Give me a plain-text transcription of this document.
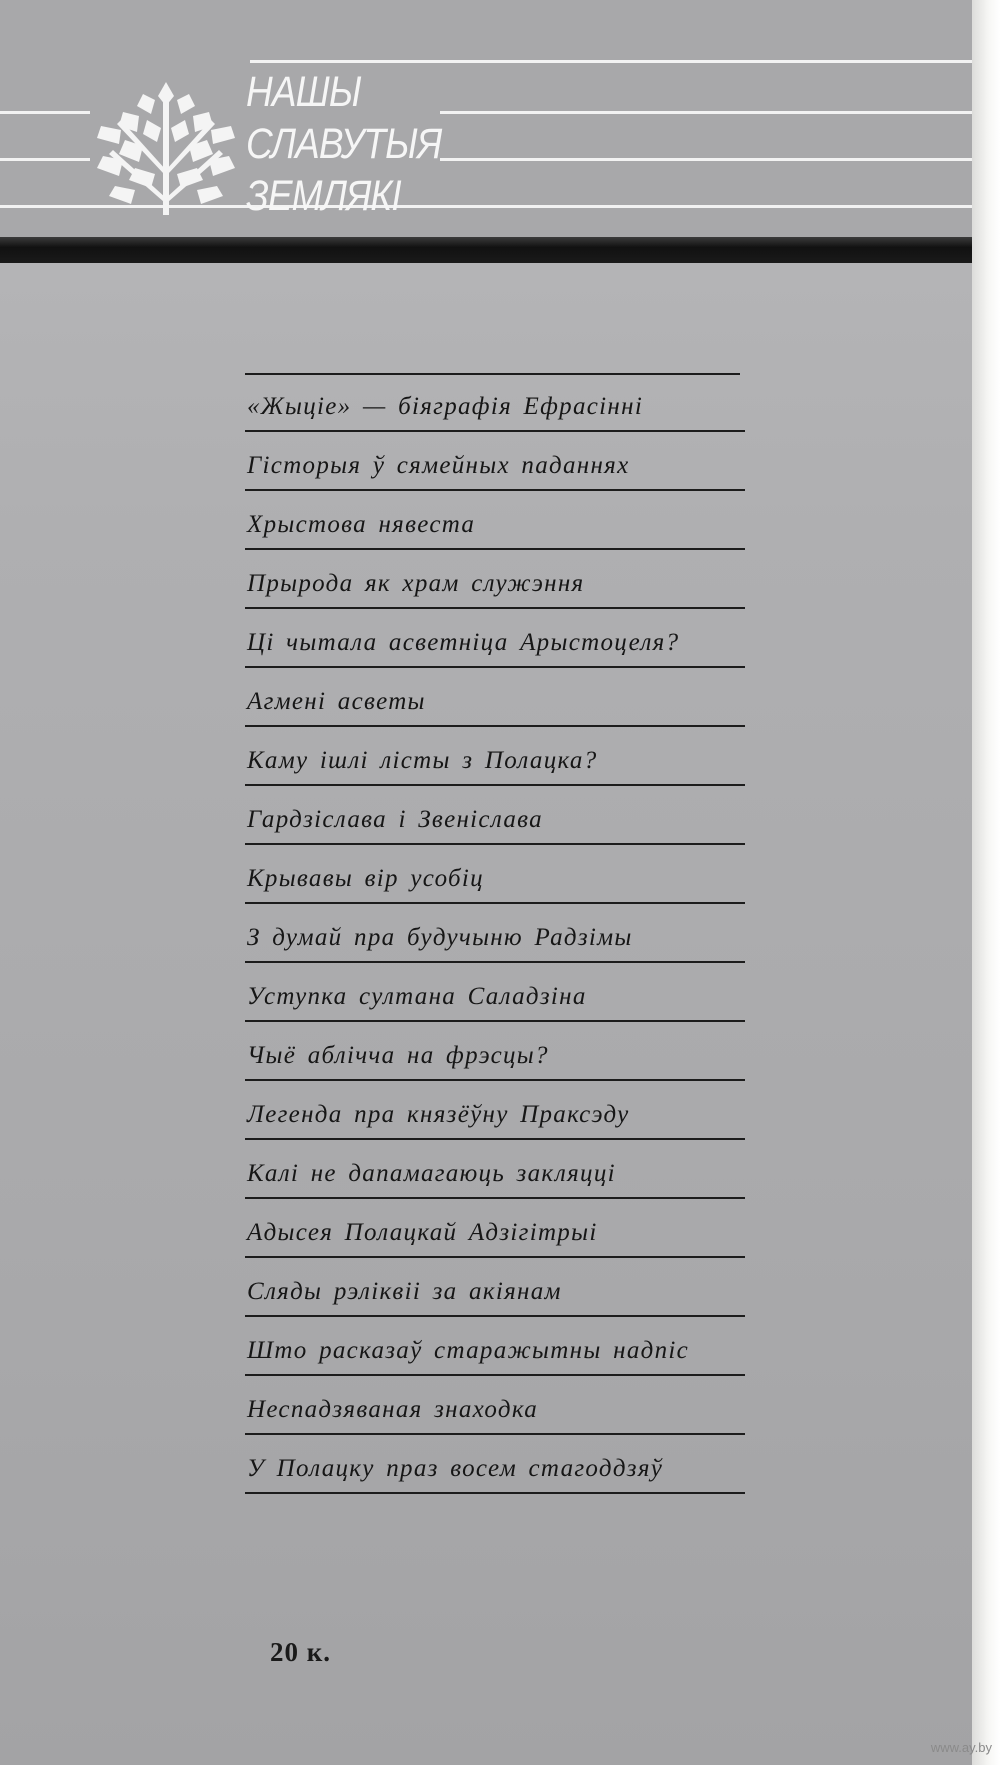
НАШЫ
СЛАВУТЫЯ
ЗЕМЛЯКІ
«Жыціе» — біяграфія Ефрасінні
Гісторыя ў сямейных паданнях
Хрыстова нявеста
Прырода як храм служэння
Ці чытала асветніца Арыстоцеля?
Агмені асветы
Каму ішлі лісты з Полацка?
Гардзіслава і Звеніслава
Крывавы вір усобіц
З думай пра будучыню Радзімы
Уступка султана Саладзіна
Чыё аблічча на фрэсцы?
Легенда пра князёўну Праксэду
Калі не дапамагаюць закляцці
Адысея Полацкай Адзігітрыі
Сляды рэліквіі за акіянам
Што расказаў старажытны надпіс
Неспадзяваная знаходка
У Полацку праз восем стагоддзяў

20 к.

www.ay.by
